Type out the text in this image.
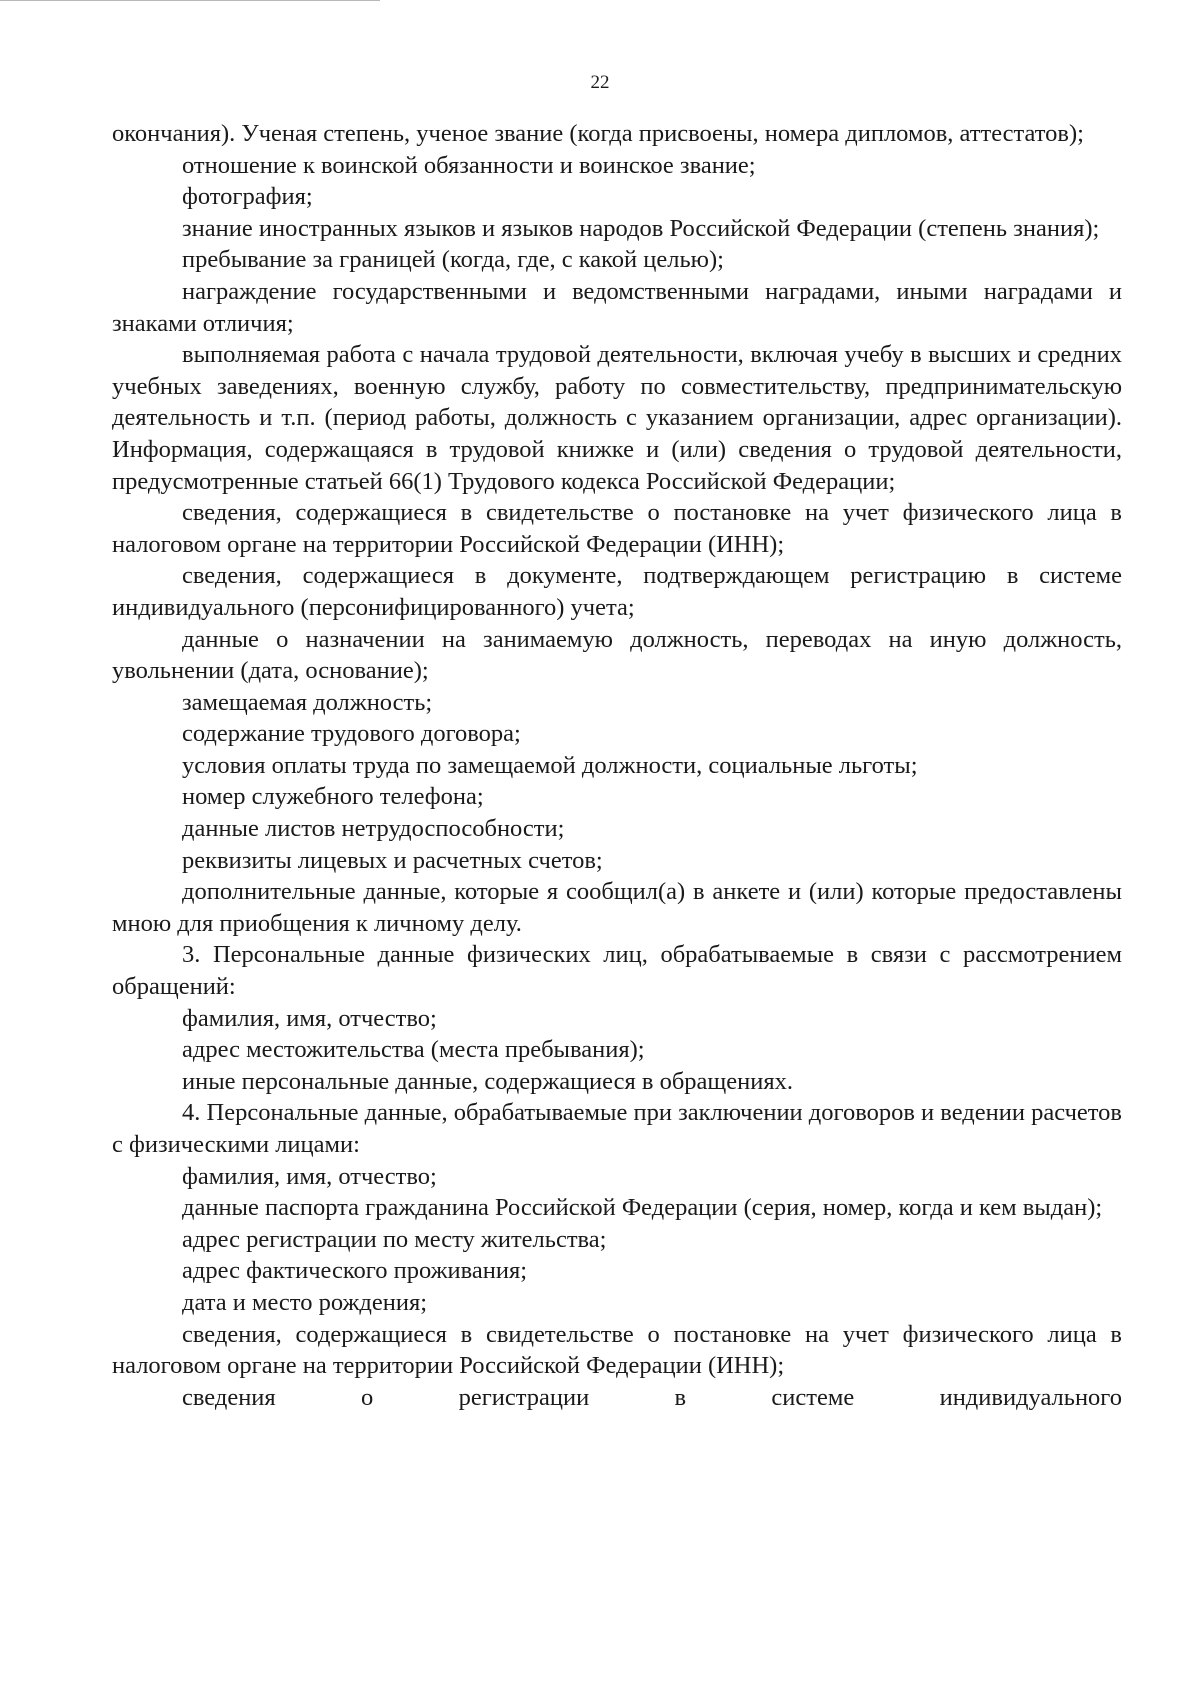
22

окончания). Ученая степень, ученое звание (когда присвоены, номера дипломов, аттестатов);

отношение к воинской обязанности и воинское звание;

фотография;

знание иностранных языков и языков народов Российской Федерации (степень знания);

пребывание за границей (когда, где, с какой целью);

награждение государственными и ведомственными наградами, иными наградами и знаками отличия;

выполняемая работа с начала трудовой деятельности, включая учебу в высших и средних учебных заведениях, военную службу, работу по совместительству, предпринимательскую деятельность и т.п. (период работы, должность с указанием организации, адрес организации). Информация, содержащаяся в трудовой книжке и (или) сведения о трудовой деятельности, предусмотренные статьей 66(1) Трудового кодекса Российской Федерации;

сведения, содержащиеся в свидетельстве о постановке на учет физического лица в налоговом органе на территории Российской Федерации (ИНН);

сведения, содержащиеся в документе, подтверждающем регистрацию в системе индивидуального (персонифицированного) учета;

данные о назначении на занимаемую должность, переводах на иную должность, увольнении (дата, основание);

замещаемая должность;

содержание трудового договора;

условия оплаты труда по замещаемой должности, социальные льготы;

номер служебного телефона;

данные листов нетрудоспособности;

реквизиты лицевых и расчетных счетов;

дополнительные данные, которые я сообщил(а) в анкете и (или) которые предоставлены мною для приобщения к личному делу.

3. Персональные данные физических лиц, обрабатываемые в связи с рассмотрением обращений:

фамилия, имя, отчество;

адрес местожительства (места пребывания);

иные персональные данные, содержащиеся в обращениях.

4. Персональные данные, обрабатываемые при заключении договоров и ведении расчетов с физическими лицами:

фамилия, имя, отчество;

данные паспорта гражданина Российской Федерации (серия, номер, когда и кем выдан);

адрес регистрации по месту жительства;

адрес фактического проживания;

дата и место рождения;

сведения, содержащиеся в свидетельстве о постановке на учет физического лица в налоговом органе на территории Российской Федерации (ИНН);

сведения о регистрации в системе индивидуального
